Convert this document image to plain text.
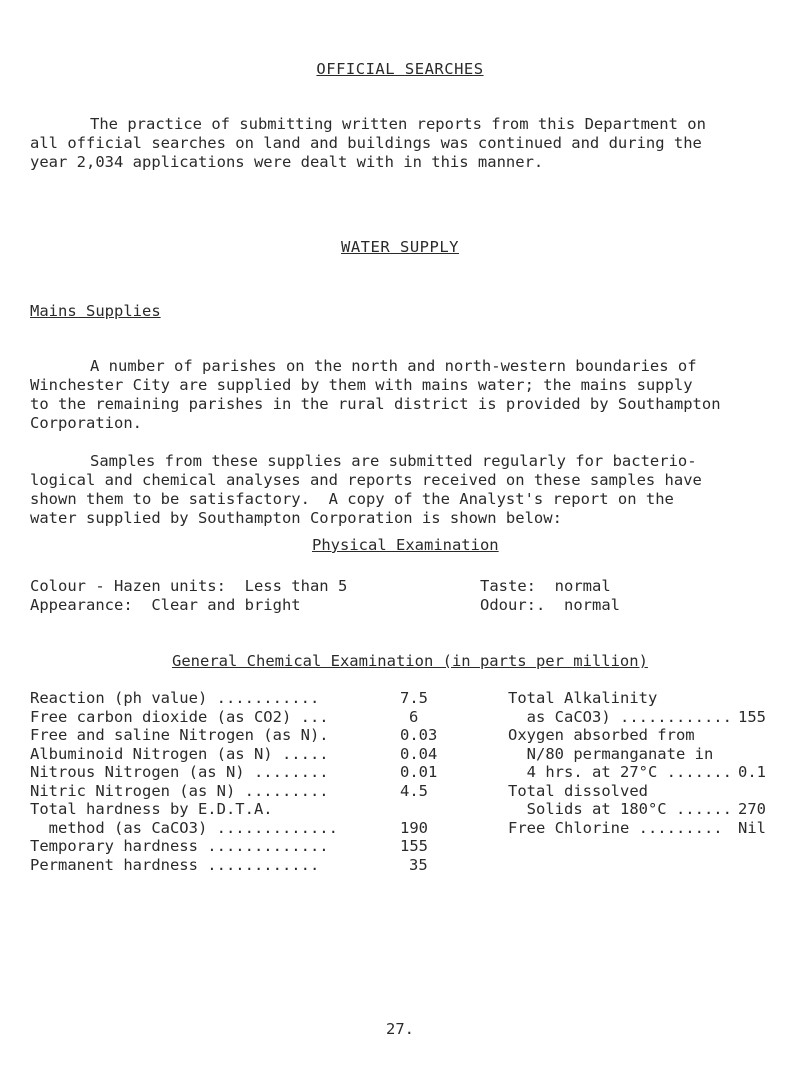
OFFICIAL SEARCHES
The practice of submitting written reports from this Department on
all official searches on land and buildings was continued and during the
year 2,034 applications were dealt with in this manner.
WATER SUPPLY
Mains Supplies
A number of parishes on the north and north-western boundaries of
Winchester City are supplied by them with mains water; the mains supply
to the remaining parishes in the rural district is provided by Southampton
Corporation.
Samples from these supplies are submitted regularly for bacterio-
logical and chemical analyses and reports received on these samples have
shown them to be satisfactory.  A copy of the Analyst's report on the
water supplied by Southampton Corporation is shown below:
Physical Examination
Colour - Hazen units:  Less than 5
Appearance:  Clear and bright
Taste:  normal
Odour:.  normal
General Chemical Examination (in parts per million)
Reaction (ph value) ...........
Free carbon dioxide (as CO2) ...
Free and saline Nitrogen (as N).
Albuminoid Nitrogen (as N) .....
Nitrous Nitrogen (as N) ........
Nitric Nitrogen (as N) .........
Total hardness by E.D.T.A.
method (as CaCO3) .............
Temporary hardness .............
Permanent hardness ............
7.5
6
0.03
0.04
0.01
4.5
190
155
35
Total Alkalinity
as CaCO3) ............
Oxygen absorbed from
N/80 permanganate in
4 hrs. at 27°C .......
Total dissolved
Solids at 180°C ......
Free Chlorine .........
155
0.1
270
Nil
27.
